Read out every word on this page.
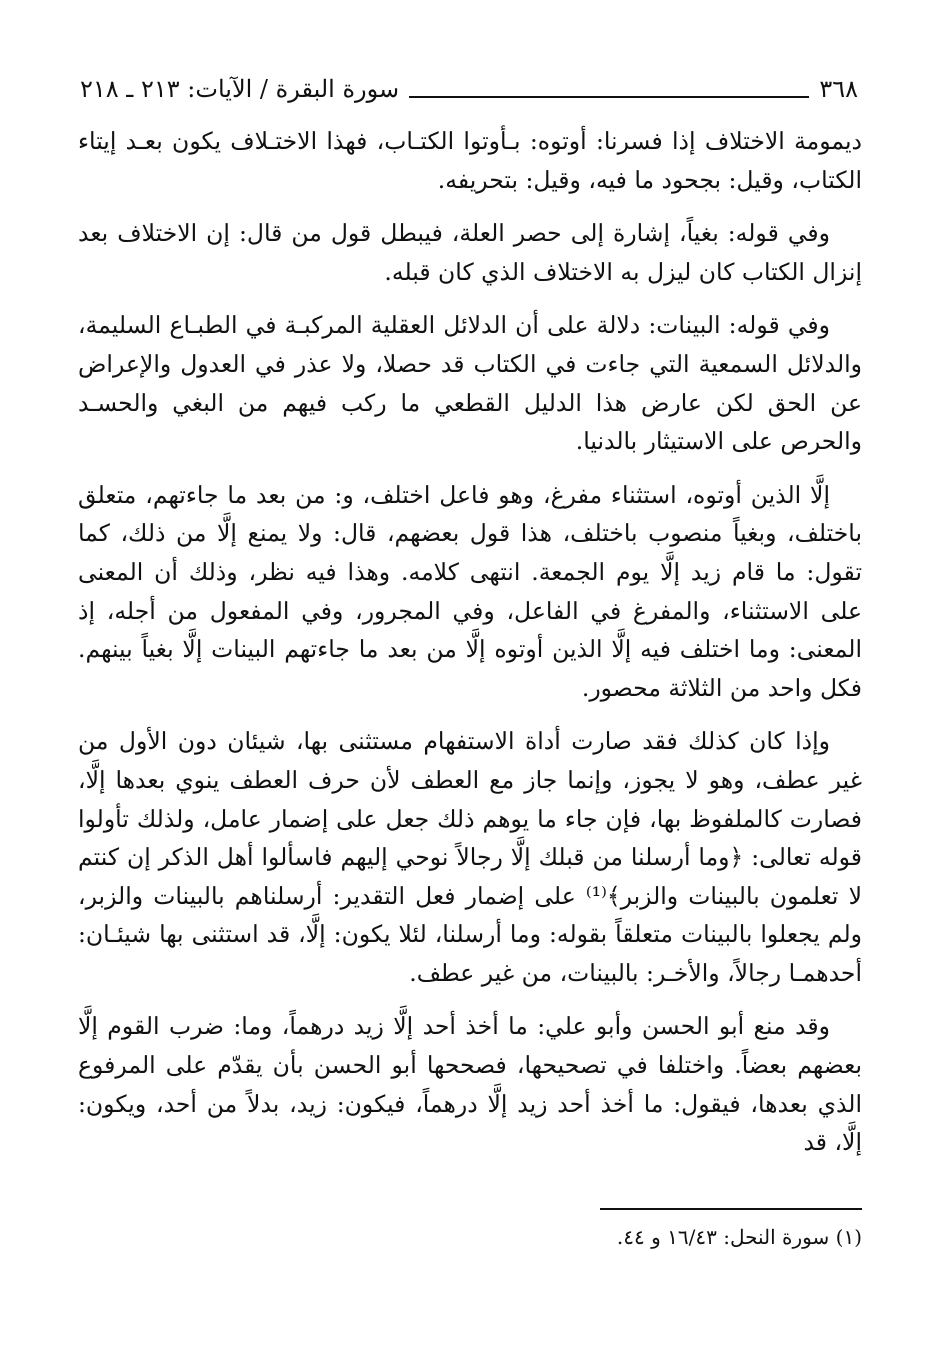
٣٦٨
سورة البقرة / الآيات: ٢١٣ ـ ٢١٨

ديمومة الاختلاف إذا فسرنا: أوتوه: بـأوتوا الكتـاب، فهذا الاختـلاف يكون بعـد إيتاء الكتاب، وقيل: بجحود ما فيه، وقيل: بتحريفه.

وفي قوله: بغياً، إشارة إلى حصر العلة، فيبطل قول من قال: إن الاختلاف بعد إنزال الكتاب كان ليزل به الاختلاف الذي كان قبله.

وفي قوله: البينات: دلالة على أن الدلائل العقلية المركبـة في الطبـاع السليمة، والدلائل السمعية التي جاءت في الكتاب قد حصلا، ولا عذر في العدول والإعراض عن الحق لكن عارض هذا الدليل القطعي ما ركب فيهم من البغي والحسـد والحرص على الاستيثار بالدنيا.

إلَّا الذين أوتوه، استثناء مفرغ، وهو فاعل اختلف، و: من بعد ما جاءتهم، متعلق باختلف، وبغياً منصوب باختلف، هذا قول بعضهم، قال: ولا يمنع إلَّا من ذلك، كما تقول: ما قام زيد إلَّا يوم الجمعة. انتهى كلامه. وهذا فيه نظر، وذلك أن المعنى على الاستثناء، والمفرغ في الفاعل، وفي المجرور، وفي المفعول من أجله، إذ المعنى: وما اختلف فيه إلَّا الذين أوتوه إلَّا من بعد ما جاءتهم البينات إلَّا بغياً بينهم. فكل واحد من الثلاثة محصور.

وإذا كان كذلك فقد صارت أداة الاستفهام مستثنى بها، شيئان دون الأول من غير عطف، وهو لا يجوز، وإنما جاز مع العطف لأن حرف العطف ينوي بعدها إلَّا، فصارت كالملفوظ بها، فإن جاء ما يوهم ذلك جعل على إضمار عامل، ولذلك تأولوا قوله تعالى: ﴿وما أرسلنا من قبلك إلَّا رجالاً نوحي إليهم فاسألوا أهل الذكر إن كنتم لا تعلمون بالبينات والزبر﴾⁽¹⁾ على إضمار فعل التقدير: أرسلناهم بالبينات والزبر، ولم يجعلوا بالبينات متعلقاً بقوله: وما أرسلنا، لئلا يكون: إلَّا، قد استثنى بها شيئـان: أحدهمـا رجالاً، والأخـر: بالبينات، من غير عطف.

وقد منع أبو الحسن وأبو علي: ما أخذ أحد إلَّا زيد درهماً، وما: ضرب القوم إلَّا بعضهم بعضاً. واختلفا في تصحيحها، فصححها أبو الحسن بأن يقدّم على المرفوع الذي بعدها، فيقول: ما أخذ أحد زيد إلَّا درهماً، فيكون: زيد، بدلاً من أحد، ويكون: إلَّا، قد

(١) سورة النحل: ١٦/٤٣ و ٤٤.
